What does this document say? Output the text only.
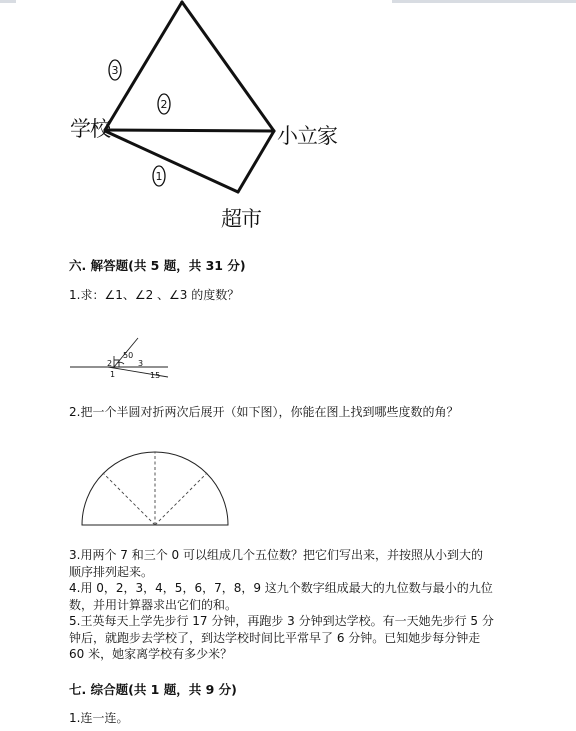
3
2
1
学校	小立家
超市
六. 解答题(共 5 题，共 31 分)
1.求：∠1、∠2 、∠3 的度数？
50
2	3
1	15
2.把一个半圆对折两次后展开（如下图），你能在图上找到哪些度数的角？
3.用两个 7 和三个 0 可以组成几个五位数？把它们写出来，并按照从小到大的
顺序排列起来。
4.用 0，2，3，4，5，6，7，8，9 这九个数字组成最大的九位数与最小的九位
数，并用计算器求出它们的和。
5.王英每天上学先步行 17 分钟，再跑步 3 分钟到达学校。有一天她先步行 5 分
钟后，就跑步去学校了，到达学校时间比平常早了 6 分钟。已知她步每分钟走
60 米，她家离学校有多少米？
七. 综合题(共 1 题，共 9 分)
1.连一连。
